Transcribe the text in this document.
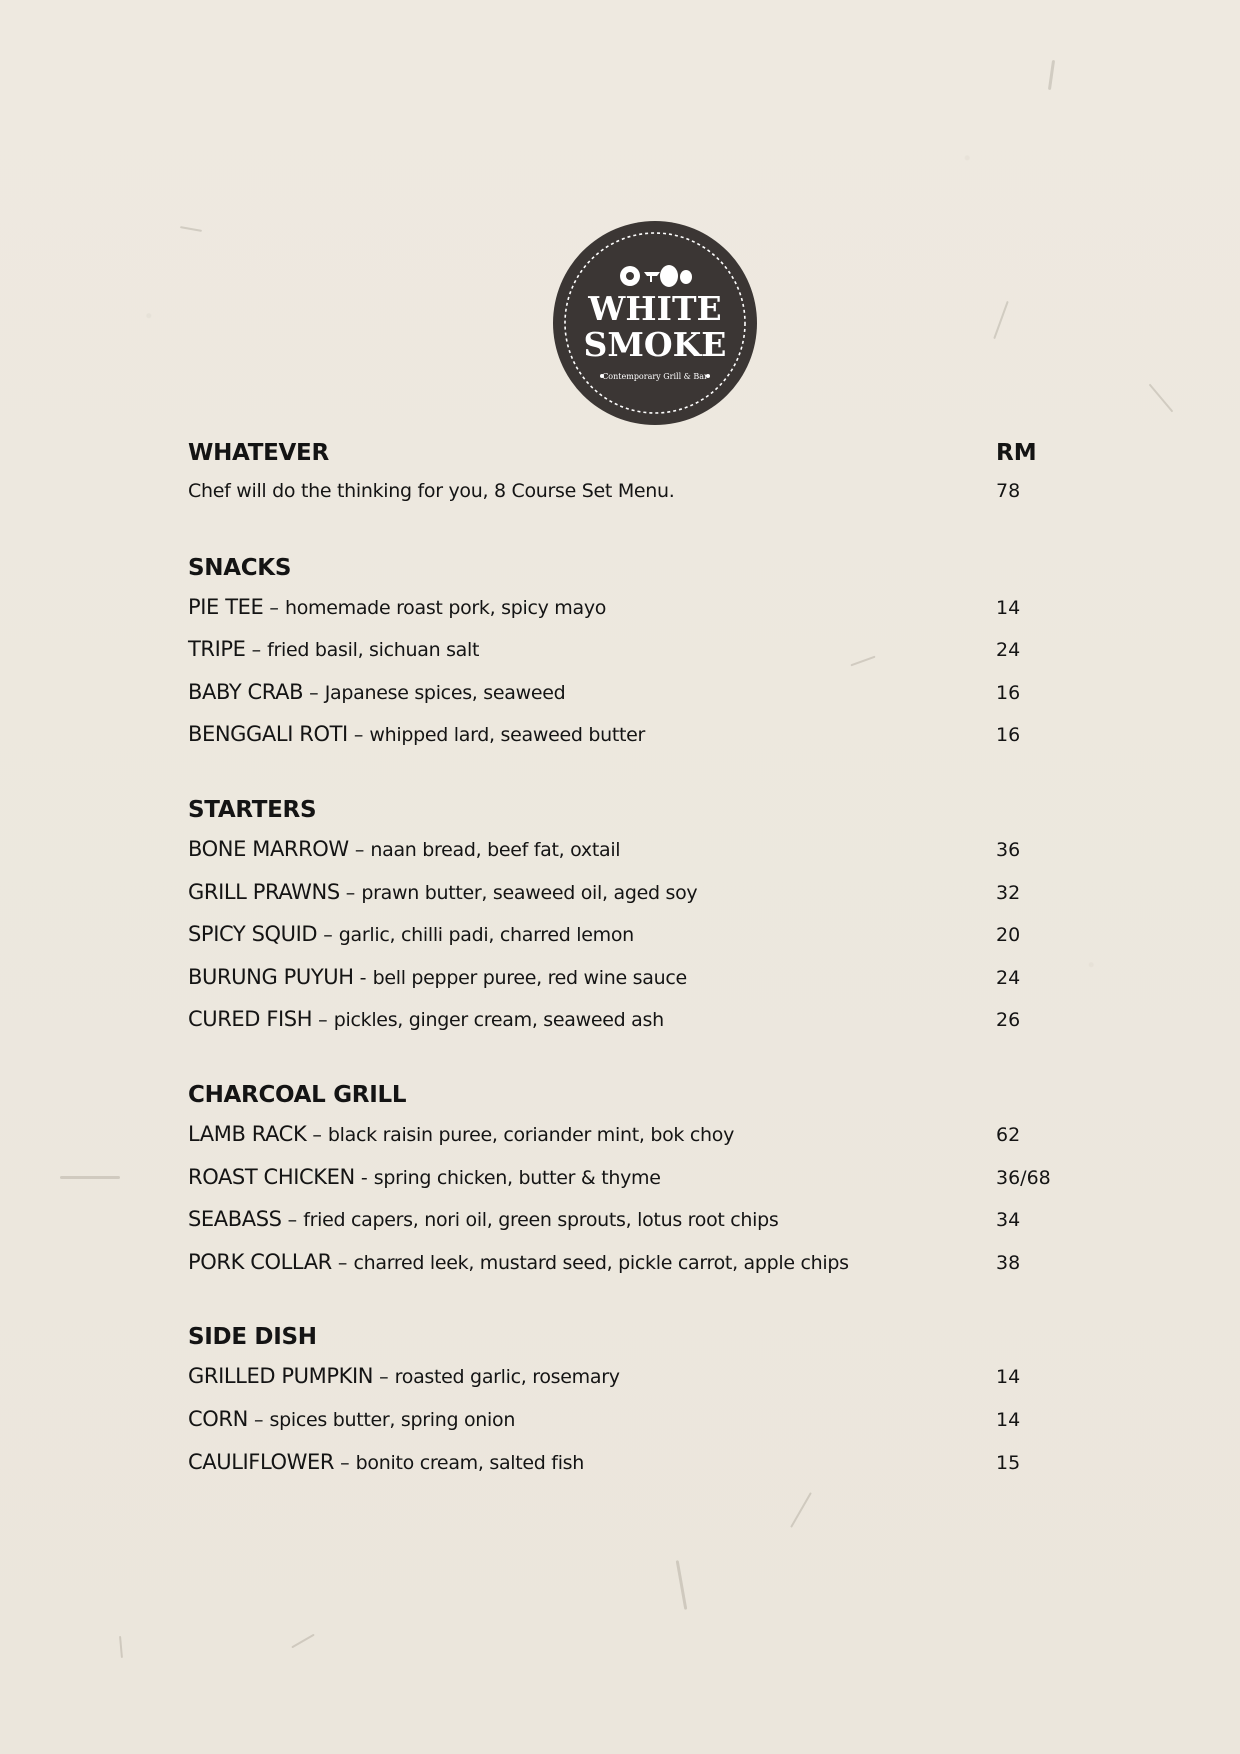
WHITE
SMOKE
Contemporary Grill & Bar
WHATEVER	RM
Chef will do the thinking for you, 8 Course Set Menu.	78
SNACKS
PIE TEE – homemade roast pork, spicy mayo	14
TRIPE – fried basil, sichuan salt	24
BABY CRAB – Japanese spices, seaweed	16
BENGGALI ROTI – whipped lard, seaweed butter	16
STARTERS
BONE MARROW – naan bread, beef fat, oxtail	36
GRILL PRAWNS – prawn butter, seaweed oil, aged soy	32
SPICY SQUID – garlic, chilli padi, charred lemon	20
BURUNG PUYUH - bell pepper puree, red wine sauce	24
CURED FISH – pickles, ginger cream, seaweed ash	26
CHARCOAL GRILL
LAMB RACK – black raisin puree, coriander mint, bok choy	62
ROAST CHICKEN - spring chicken, butter & thyme	36/68
SEABASS – fried capers, nori oil, green sprouts, lotus root chips	34
PORK COLLAR – charred leek, mustard seed, pickle carrot, apple chips	38
SIDE DISH
GRILLED PUMPKIN – roasted garlic, rosemary	14
CORN – spices butter, spring onion	14
CAULIFLOWER – bonito cream, salted fish	15
